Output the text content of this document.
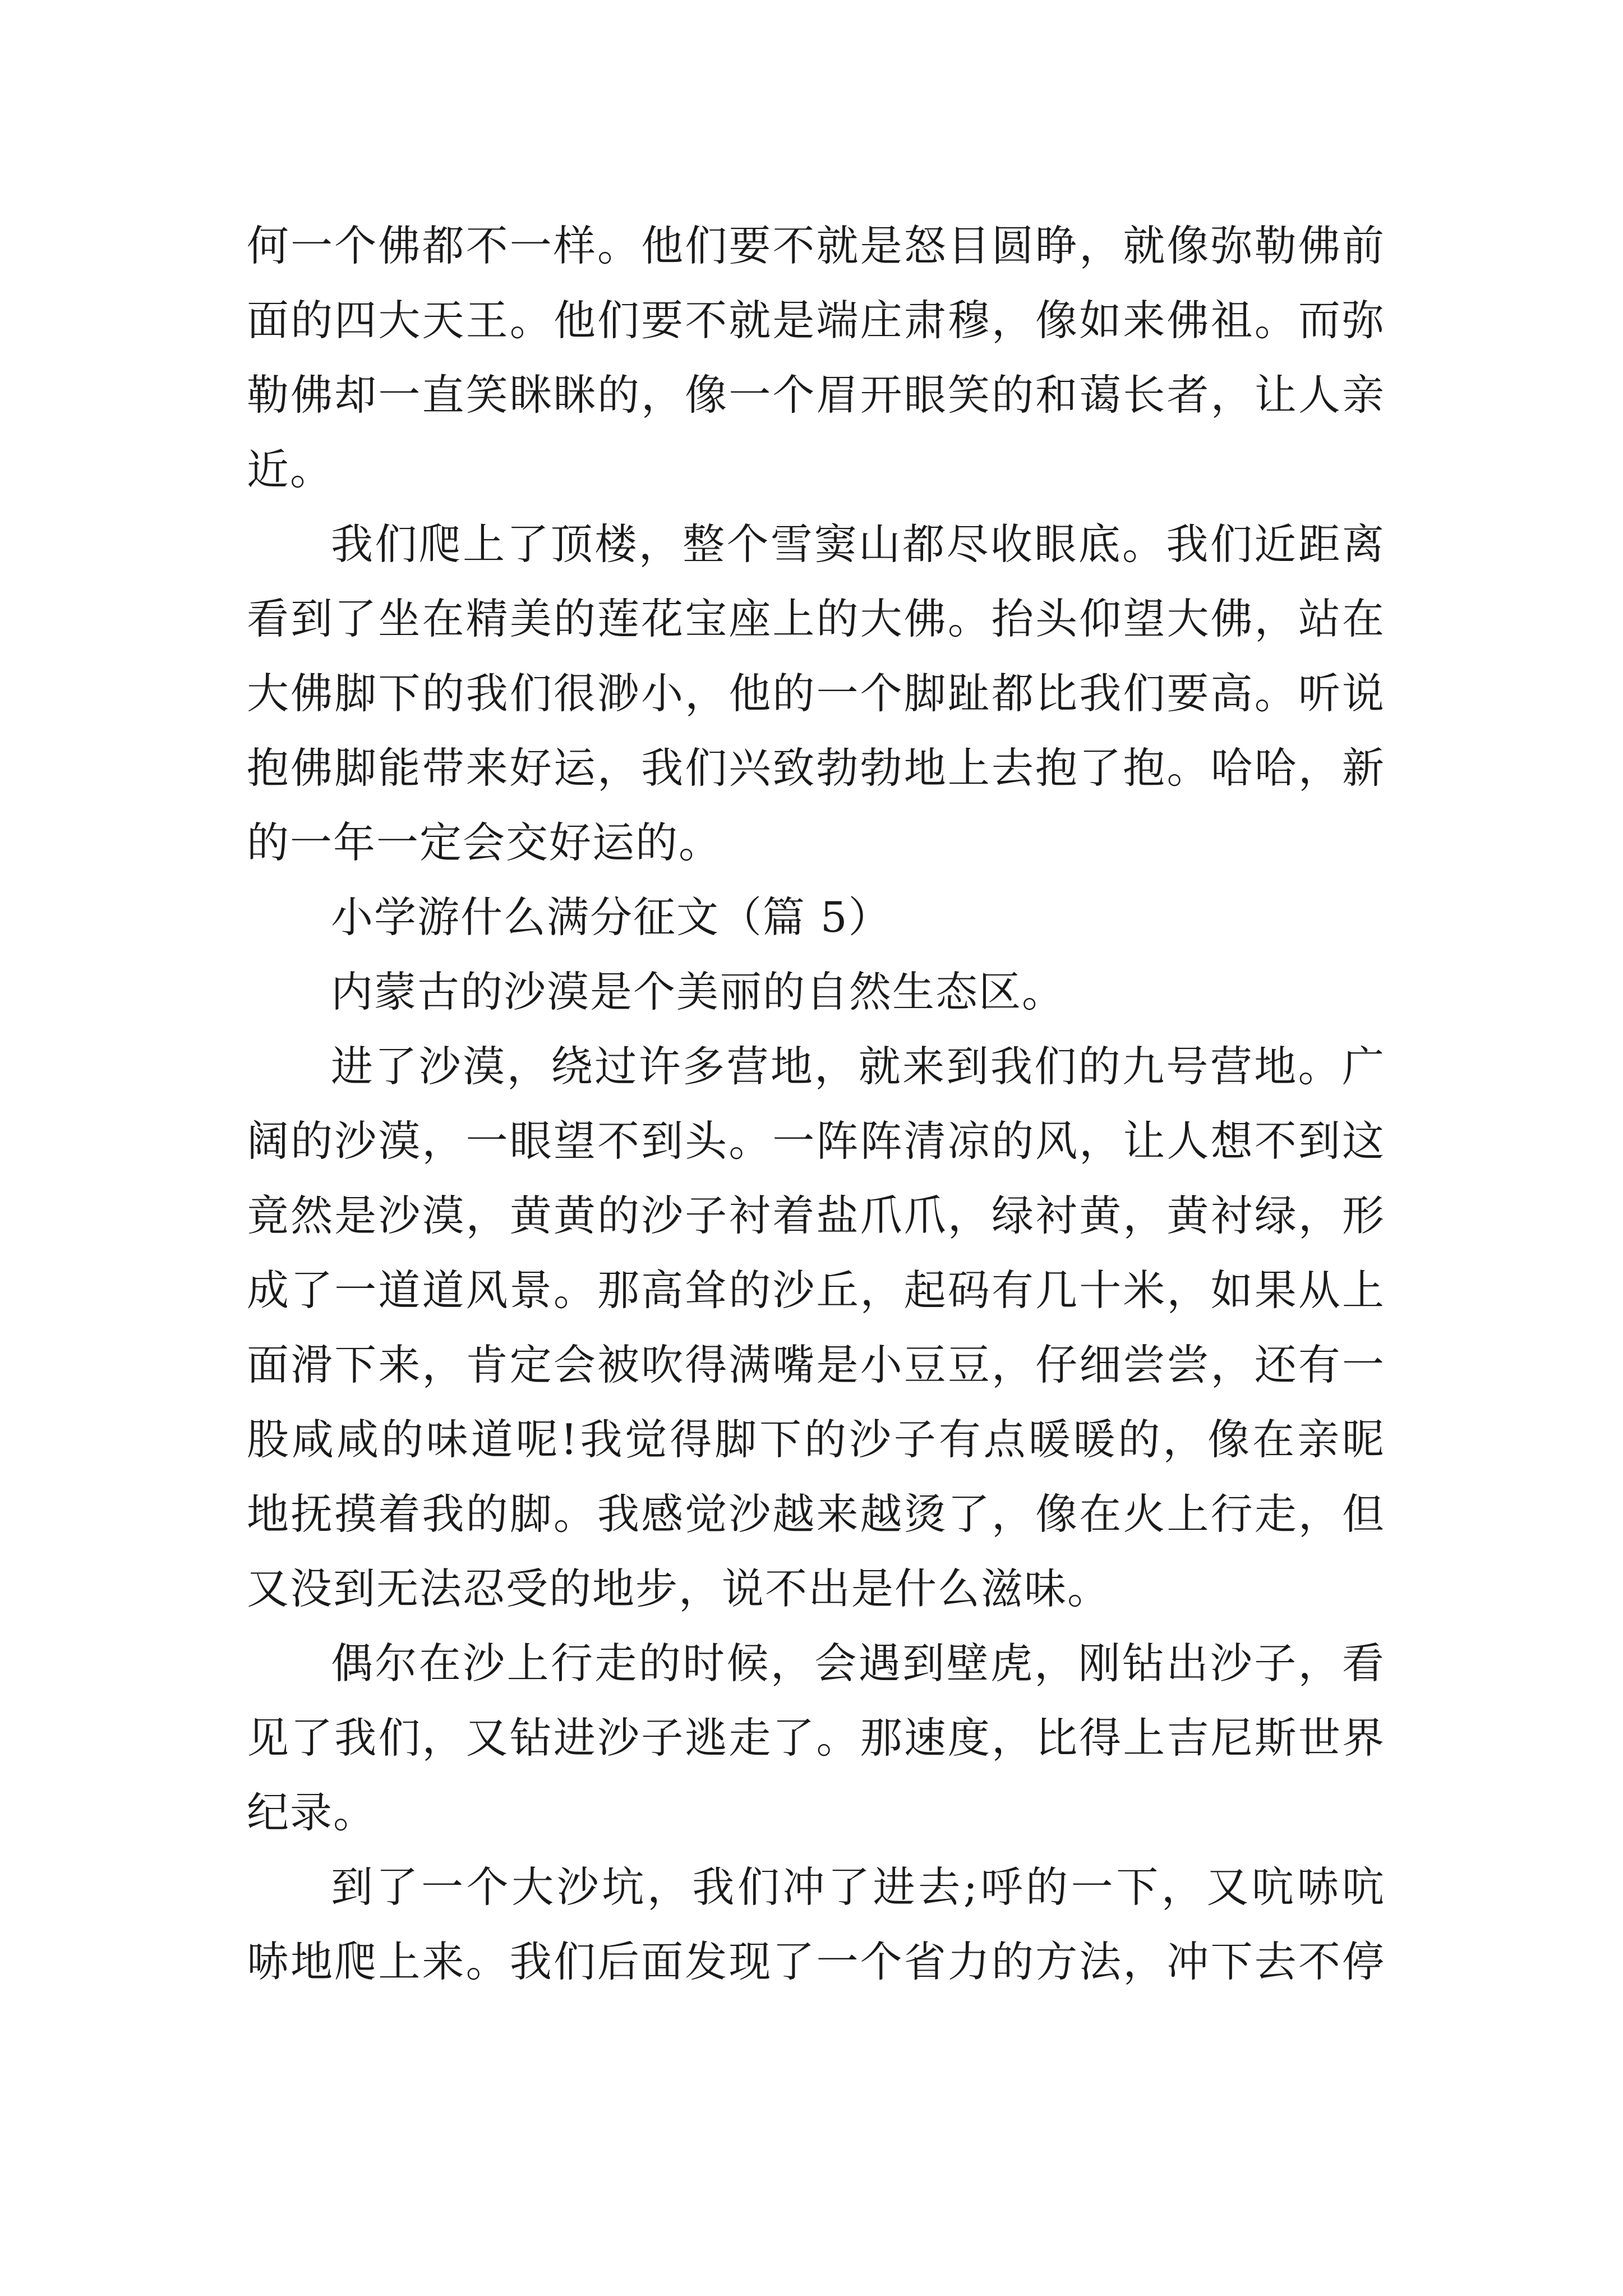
何一个佛都不一样。他们要不就是怒目圆睁，就像弥勒佛前
面的四大天王。他们要不就是端庄肃穆，像如来佛祖。而弥
勒佛却一直笑眯眯的，像一个眉开眼笑的和蔼长者，让人亲
近。
我们爬上了顶楼，整个雪窦山都尽收眼底。我们近距离
看到了坐在精美的莲花宝座上的大佛。抬头仰望大佛，站在
大佛脚下的我们很渺小，他的一个脚趾都比我们要高。听说
抱佛脚能带来好运，我们兴致勃勃地上去抱了抱。哈哈，新
的一年一定会交好运的。
小学游什么满分征文（篇 5）
内蒙古的沙漠是个美丽的自然生态区。
进了沙漠，绕过许多营地，就来到我们的九号营地。广
阔的沙漠，一眼望不到头。一阵阵清凉的风，让人想不到这
竟然是沙漠，黄黄的沙子衬着盐爪爪，绿衬黄，黄衬绿，形
成了一道道风景。那高耸的沙丘，起码有几十米，如果从上
面滑下来，肯定会被吹得满嘴是小豆豆，仔细尝尝，还有一
股咸咸的味道呢!我觉得脚下的沙子有点暖暖的，像在亲昵
地抚摸着我的脚。我感觉沙越来越烫了，像在火上行走，但
又没到无法忍受的地步，说不出是什么滋味。
偶尔在沙上行走的时候，会遇到壁虎，刚钻出沙子，看
见了我们，又钻进沙子逃走了。那速度，比得上吉尼斯世界
纪录。
到了一个大沙坑，我们冲了进去;呼的一下，又吭哧吭
哧地爬上来。我们后面发现了一个省力的方法，冲下去不停
